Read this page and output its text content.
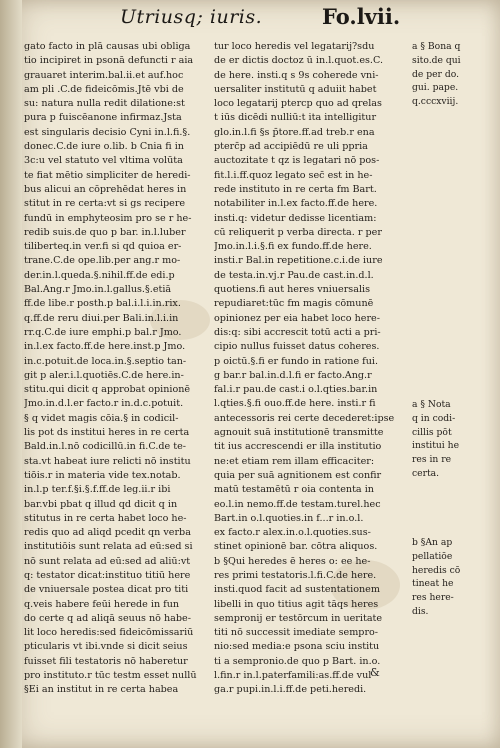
Utriusq; iuris.	Fo.lvii.
gato facto in plā causas ubi obliga
tio incipiret in psonā defuncti r aia
grauaret interim.bal.ii.et auf.hoc
am pli .C.de fideicōmis.Jtē vbi de
su: natura nulla redit dilatione:st
pura p fuiscēanone infirmaz.Jsta
est singularis decisio Cyni in.l.fi.§.
donec.C.de iure o.lib. b Cnia fi in
3c:u vel statuto vel vltima volūta
te fiat mētio simpliciter de heredi-
bus alicui an cōprehēdat heres in
stitut in re certa:vt si gs recipere
fundū in emphyteosim pro se r he-
redib suis.de quo p bar. in.l.luber
tiliberteq.in ver.fi si qd quioa er-
trane.C.de ope.lib.per ang.r mo-
der.in.l.queda.§.nihil.ff.de edi.p
Bal.Ang.r Jmo.in.l.gallus.§.etiā
ff.de libe.r posth.p bal.i.l.i.in.rix.
q.ff.de reru diui.per Bali.in.l.i.in
rr.q.C.de iure emphi.p bal.r Jmo.
in.l.ex facto.ff.de here.inst.p Jmo.
in.c.potuit.de loca.in.§.septio tan-
git p aler.i.l.quotiēs.C.de here.in-
stitu.qui dicit q approbat opinionē
Jmo.in.d.l.er facto.r in.d.c.potuit.
§ q videt magis cōia.§ in codicil-
lis pot ds institui heres in re certa
Bald.in.l.nō codicillū.in fi.C.de te-
sta.vt habeat iure relicti nō institu
tiōis.r in materia vide tex.notab.
in.l.p ter.f.§i.§.f.ff.de leg.ii.r ibi
bar.vbi pbat q illud qd dicit q in
stitutus in re certa habet loco he-
redis quo ad aliqd pcedit qn verba
institutiōis sunt relata ad eū:sed si
nō sunt relata ad eū:sed ad aliū:vt
q: testator dicat:instituo titiū here
de vniuersale postea dicat pro titi
q.veis habere feūi herede in fun
do certe q ad aliqā seuus nō habe-
lit loco heredis:sed fideicōmissariū
pticularis vt ibi.vnde si dicit seius
fuisset fili testatoris nō haberetur
pro instituto.r tūc testm esset nullū
§Ei an institut in re certa habea
tur loco heredis vel legatarij?sdu
de er dictis doctoz ū in.l.quot.es.C.
de here. insti.q s 9s coherede vni-
uersaliter institutū q aduiit habet
loco legatarij ptercp quo ad qrelas
t iūs dicēdi nulliū:t ita intelligitur
glo.in.l.fi §s p̄tore.ff.ad treb.r ena
pterc̄p ad accipiēdū re uli ppria
auctozitate t qz is legatari nō pos-
fit.l.i.ff.quoz legato sec̄ est in he-
rede instituto in re certa fm Bart.
notabiliter in.l.ex facto.ff.de here.
insti.q: videtur dedisse licentiam:
cū reliquerit p verba directa. r per
Jmo.in.l.i.§.fi ex fundo.ff.de here.
insti.r Bal.in repetitione.c.i.de iure
de testa.in.vj.r Pau.de cast.in.d.l.
quotiens.fi aut heres vniuersalis
repudiaret:tūc fm magis cōmunē
opinionez per eia habet loco here-
dis:q: sibi accrescit totū acti a pri-
cipio nullus fuisset datus coheres.
p oictū.§.fi er fundo in ratione fui.
g bar.r bal.in.d.l.fi er facto.Ang.r
fal.i.r pau.de cast.i o.l.qties.bar.in
l.qties.§.fi ouo.ff.de here. insti.r fi
antecessoris rei certe decederet:ipse
agnouit suā institutionē transmitte
tit ius accrescendi er illa institutio
ne:et etiam rem illam efficaciter:
quia per suā agnitionem est confir
matū testamētū r oia contenta in
eo.l.in nemo.ff.de testam.turel.hec
Bart.in o.l.quoties.in f...r in.o.l.
ex facto.r alex.in.o.l.quoties.sus-
stinet opinionē bar. cōtra aliquos.
b §Qui heredes ē heres o: ee he-
res primi testatoris.l.fi.C.de here.
insti.quod facit ad sustentationem
libelli in quo titius agit tāqs heres
sempronij er testōrcum in ueritate
titi nō successit imediate sempro-
nio:sed media:e psona sciu institu
ti a sempronio.de quo p Bart. in.o.
l.fin.r in.l.paterfamili:as.ff.de vul
ga.r pupi.in.l.i.ff.de peti.heredi.
a § Bona q
sito.de qui
de per do.
gui. pape.
q.cccxviij.
a § Nota
q in codi-
cillis pōt
institui he
res in re
certa.
b §An ap
pellatiōe
heredis cō
tineat he
res here-
dis.
&
